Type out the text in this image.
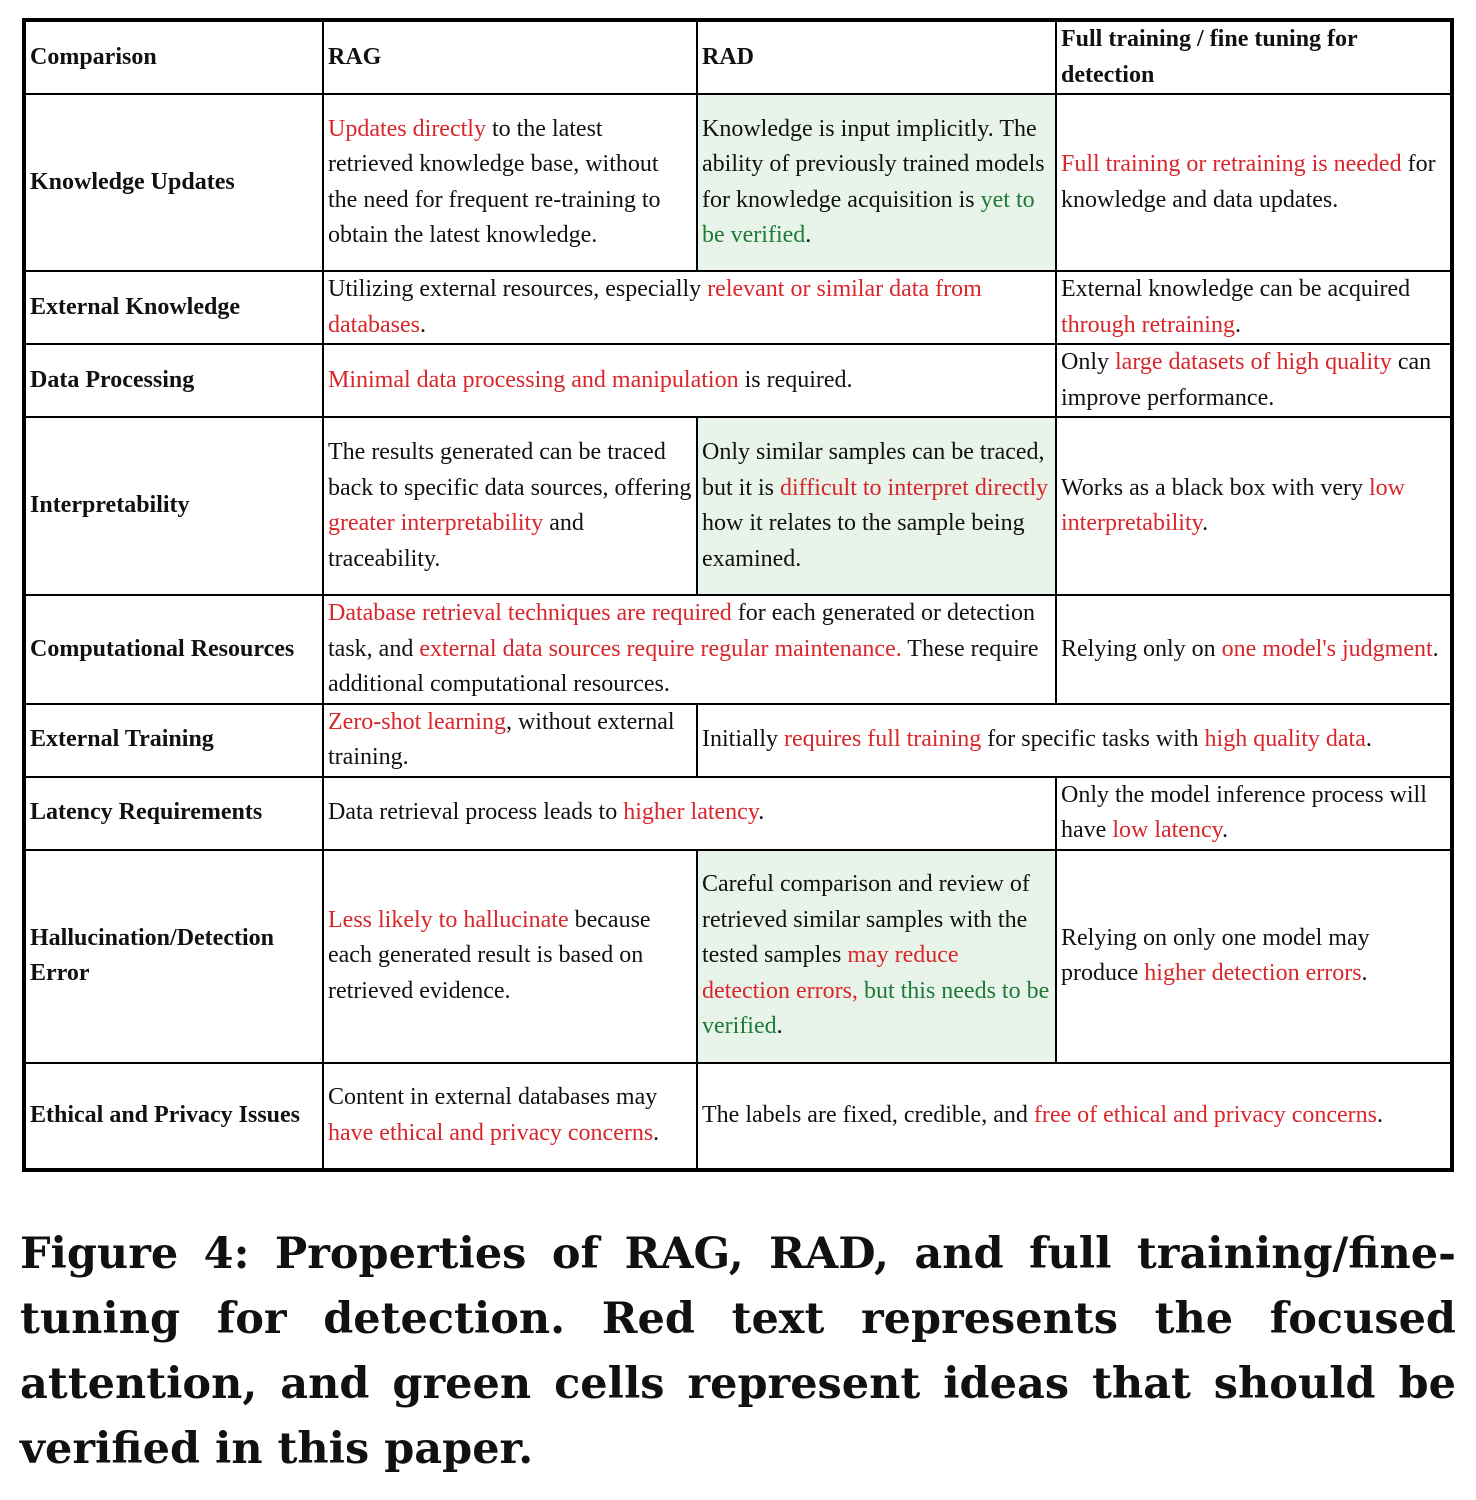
Comparison	RAG	RAD	Full training / fine tuning for detection
Knowledge Updates	Updates directly to the latest retrieved knowledge base, without the need for frequent re-training to obtain the latest knowledge.	Knowledge is input implicitly. The ability of previously trained models for knowledge acquisition is yet to be verified.	Full training or retraining is needed for knowledge and data updates.
External Knowledge	Utilizing external resources, especially relevant or similar data from databases.		External knowledge can be acquired through retraining.
Data Processing	Minimal data processing and manipulation is required.		Only large datasets of high quality can improve performance.
Interpretability	The results generated can be traced back to specific data sources, offering greater interpretability and traceability.	Only similar samples can be traced, but it is difficult to interpret directly how it relates to the sample being examined.	Works as a black box with very low interpretability.
Computational Resources	Database retrieval techniques are required for each generated or detection task, and external data sources require regular maintenance. These require additional computational resources.		Relying only on one model's judgment.
External Training	Zero-shot learning, without external training.	Initially requires full training for specific tasks with high quality data.	
Latency Requirements	Data retrieval process leads to higher latency.		Only the model inference process will have low latency.
Hallucination/Detection Error	Less likely to hallucinate because each generated result is based on retrieved evidence.	Careful comparison and review of retrieved similar samples with the tested samples may reduce detection errors, but this needs to be verified.	Relying on only one model may produce higher detection errors.
Ethical and Privacy Issues	Content in external databases may have ethical and privacy concerns.	The labels are fixed, credible, and free of ethical and privacy concerns.	
Figure 4: Properties of RAG, RAD, and full training/fine-tuning for detection. Red text represents the focused attention, and green cells represent ideas that should be verified in this paper.
